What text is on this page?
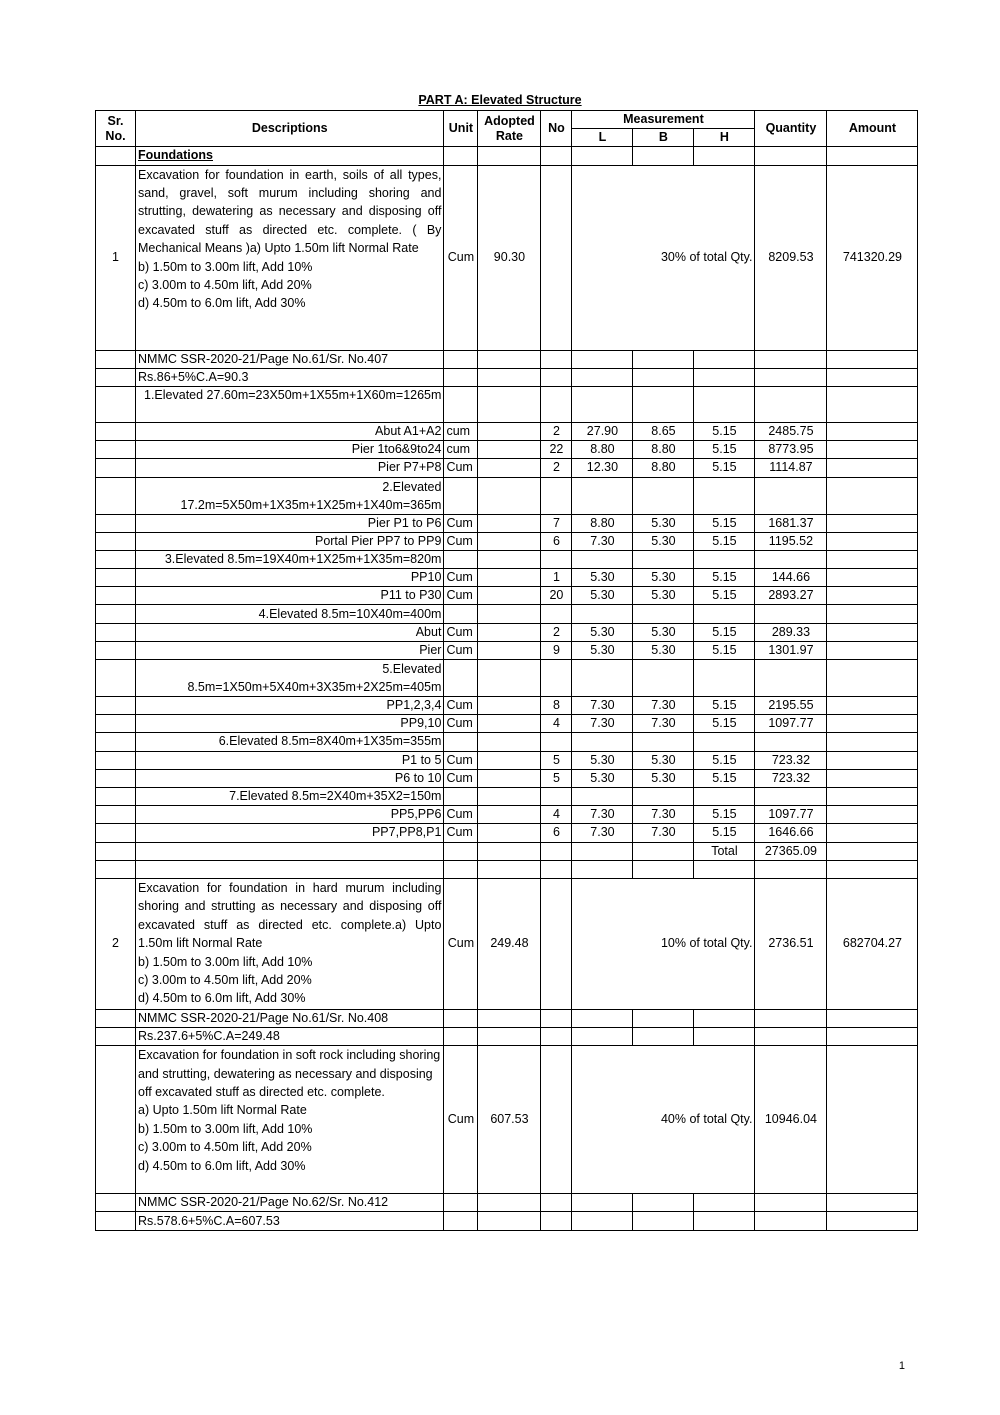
PART A: Elevated Structure
Sr. No.	Descriptions	Unit	Adopted Rate	No	Measurement			Quantity	Amount
					L	B	H		
	Foundations								
1	Excavation for foundation in earth, soils of all types, sand, gravel, soft murum including shoring and strutting, dewatering as necessary and disposing off excavated stuff as directed etc. complete. ( By Mechanical Means )a) Upto 1.50m lift Normal Rate
b) 1.50m to 3.00m lift, Add 10%
c) 3.00m to 4.50m lift, Add 20%
d) 4.50m to 6.0m lift, Add 30%	Cum	90.30		30% of total Qty.			8209.53	741320.29
	NMMC SSR-2020-21/Page No.61/Sr. No.407								
	Rs.86+5%C.A=90.3								
	1.Elevated 27.60m=23X50m+1X55m+1X60m=1265m								
	Abut A1+A2	cum		2	27.90	8.65	5.15	2485.75	
	Pier 1to6&9to24	cum		22	8.80	8.80	5.15	8773.95	
	Pier P7+P8	Cum		2	12.30	8.80	5.15	1114.87	

	2.Elevated
17.2m=5X50m+1X35m+1X25m+1X40m=365m								

	Pier P1 to P6	Cum		7	8.80	5.30	5.15	1681.37	
	Portal Pier PP7 to PP9	Cum		6	7.30	5.30	5.15	1195.52	
	3.Elevated 8.5m=19X40m+1X25m+1X35m=820m								
	PP10	Cum		1	5.30	5.30	5.15	144.66	
	P11 to P30	Cum		20	5.30	5.30	5.15	2893.27	
	4.Elevated 8.5m=10X40m=400m								
	Abut	Cum		2	5.30	5.30	5.15	289.33	
	Pier	Cum		9	5.30	5.30	5.15	1301.97	

	5.Elevated
8.5m=1X50m+5X40m+3X35m+2X25m=405m								

	PP1,2,3,4	Cum		8	7.30	7.30	5.15	2195.55	
	PP9,10	Cum		4	7.30	7.30	5.15	1097.77	
	6.Elevated 8.5m=8X40m+1X35m=355m								
	P1 to 5	Cum		5	5.30	5.30	5.15	723.32	
	P6 to 10	Cum		5	5.30	5.30	5.15	723.32	
	7.Elevated 8.5m=2X40m+35X2=150m								
	PP5,PP6	Cum		4	7.30	7.30	5.15	1097.77	
	PP7,PP8,P1	Cum		6	7.30	7.30	5.15	1646.66	
							Total	27365.09	

2	Excavation for foundation in hard murum including shoring and strutting as necessary and disposing off excavated stuff as directed etc. complete.a) Upto 1.50m lift Normal Rate
b) 1.50m to 3.00m lift, Add 10%
c) 3.00m to 4.50m lift, Add 20%
d) 4.50m to 6.0m lift, Add 30%	Cum	249.48		10% of total Qty.			2736.51	682704.27
	NMMC SSR-2020-21/Page No.61/Sr. No.408								
	Rs.237.6+5%C.A=249.48								

	Excavation for foundation in soft rock including shoring and strutting, dewatering as necessary and disposing off excavated stuff as directed etc. complete.
a) Upto 1.50m lift Normal Rate
b) 1.50m to 3.00m lift, Add 10%
c) 3.00m to 4.50m lift, Add 20%
d) 4.50m to 6.0m lift, Add 30%	Cum	607.53		40% of total Qty.			10946.04	
	NMMC SSR-2020-21/Page No.62/Sr. No.412								
	Rs.578.6+5%C.A=607.53								
1
